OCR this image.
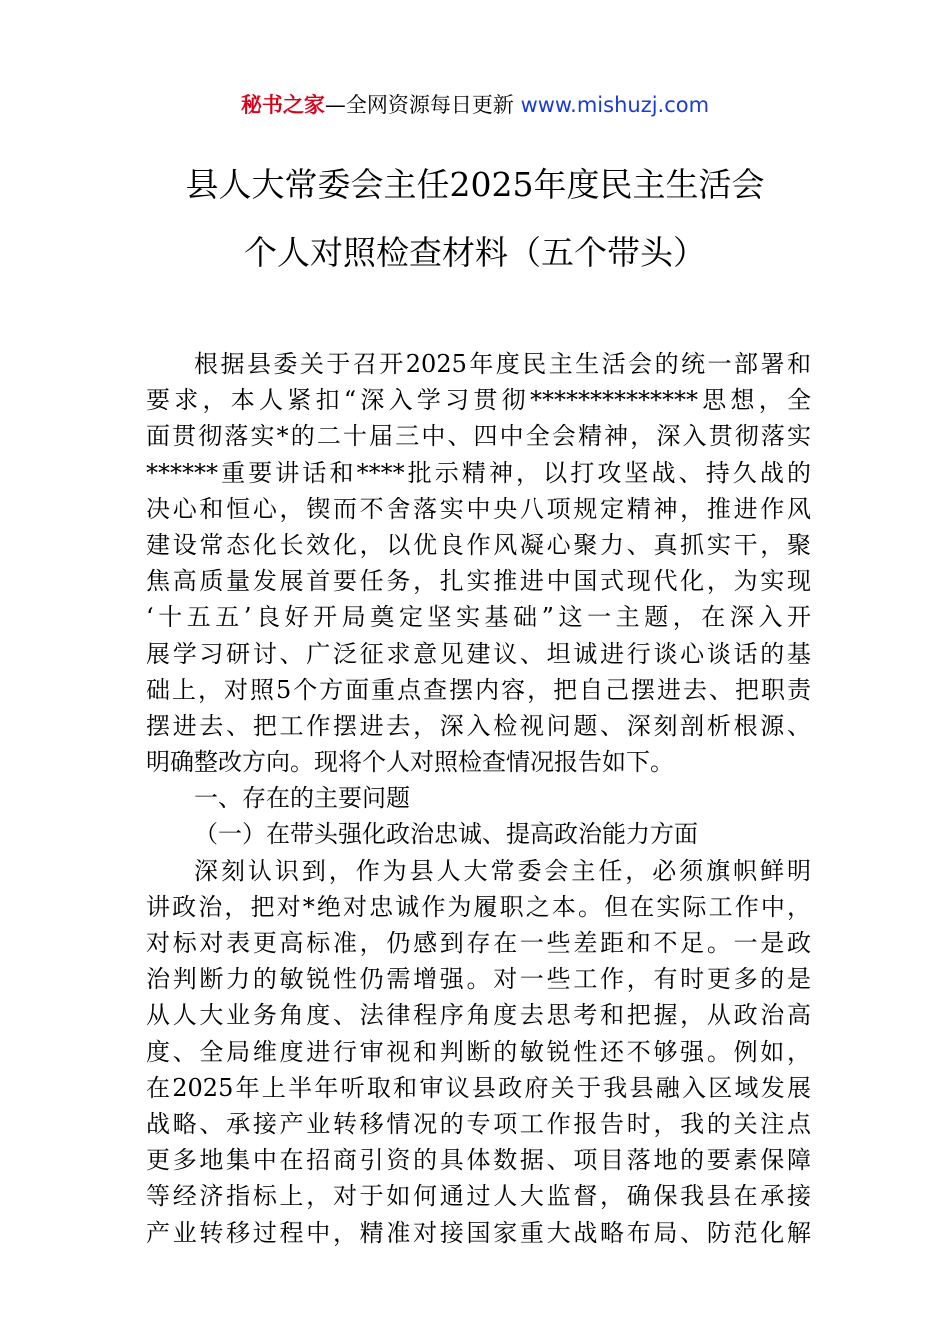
秘书之家—全网资源每日更新 www.mishuzj.com
县人大常委会主任2025年度民主生活会
个人对照检查材料（五个带头）
根据县委关于召开2025年度民主生活会的统一部署和
要求，本人紧扣“深入学习贯彻**************思想，全
面贯彻落实*的二十届三中、四中全会精神，深入贯彻落实
******重要讲话和****批示精神，以打攻坚战、持久战的
决心和恒心，锲而不舍落实中央八项规定精神，推进作风
建设常态化长效化，以优良作风凝心聚力、真抓实干，聚
焦高质量发展首要任务，扎实推进中国式现代化，为实现
‘十五五’良好开局奠定坚实基础”这一主题，在深入开
展学习研讨、广泛征求意见建议、坦诚进行谈心谈话的基
础上，对照5个方面重点查摆内容，把自己摆进去、把职责
摆进去、把工作摆进去，深入检视问题、深刻剖析根源、
明确整改方向。现将个人对照检查情况报告如下。
一、存在的主要问题
（一）在带头强化政治忠诚、提高政治能力方面
深刻认识到，作为县人大常委会主任，必须旗帜鲜明
讲政治，把对*绝对忠诚作为履职之本。但在实际工作中，
对标对表更高标准，仍感到存在一些差距和不足。一是政
治判断力的敏锐性仍需增强。对一些工作，有时更多的是
从人大业务角度、法律程序角度去思考和把握，从政治高
度、全局维度进行审视和判断的敏锐性还不够强。例如，
在2025年上半年听取和审议县政府关于我县融入区域发展
战略、承接产业转移情况的专项工作报告时，我的关注点
更多地集中在招商引资的具体数据、项目落地的要素保障
等经济指标上，对于如何通过人大监督，确保我县在承接
产业转移过程中，精准对接国家重大战略布局、防范化解
